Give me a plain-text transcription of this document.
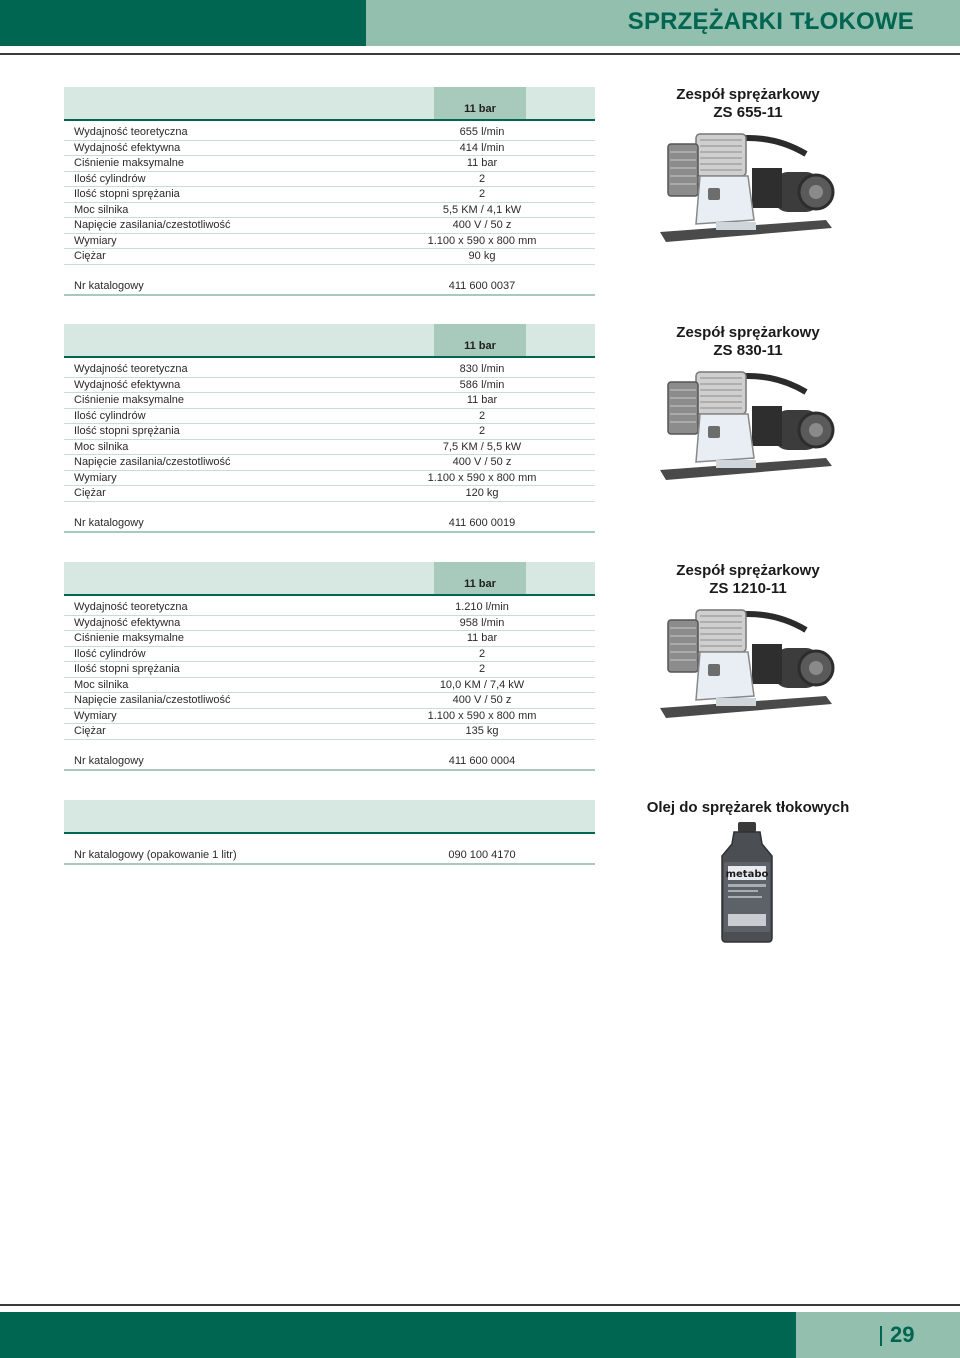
SPRZĘŻARKI TŁOKOWE
11 bar
Wydajność teoretyczna	655 l/min
Wydajność efektywna	414 l/min
Ciśnienie maksymalne	11 bar
Ilość cylindrów	2
Ilość stopni sprężania	2
Moc silnika	5,5 KM / 4,1 kW
Napięcie zasilania/czestotliwość	400 V / 50 z
Wymiary	1.100 x 590 x 800 mm
Ciężar	90 kg
Nr katalogowy	411 600 0037
Zespół sprężarkowy
ZS 655-11
11 bar
Wydajność teoretyczna	830 l/min
Wydajność efektywna	586 l/min
Ciśnienie maksymalne	11 bar
Ilość cylindrów	2
Ilość stopni sprężania	2
Moc silnika	7,5 KM / 5,5 kW
Napięcie zasilania/czestotliwość	400 V / 50 z
Wymiary	1.100 x 590 x 800 mm
Ciężar	120 kg
Nr katalogowy	411 600 0019
Zespół sprężarkowy
ZS 830-11
11 bar
Wydajność teoretyczna	1.210 l/min
Wydajność efektywna	958 l/min
Ciśnienie maksymalne	11 bar
Ilość cylindrów	2
Ilość stopni sprężania	2
Moc silnika	10,0 KM / 7,4 kW
Napięcie zasilania/czestotliwość	400 V / 50 z
Wymiary	1.100 x 590 x 800 mm
Ciężar	135 kg
Nr katalogowy	411 600 0004
Zespół sprężarkowy
ZS 1210-11
Nr katalogowy (opakowanie 1 litr)	090 100 4170
Olej do sprężarek tłokowych
metabo
29
